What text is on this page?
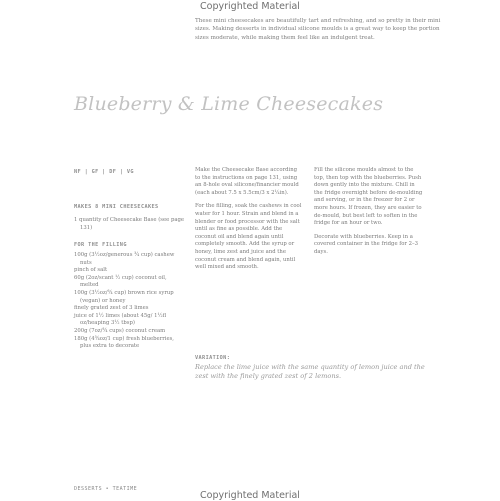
Copyrighted Material

These mini cheesecakes are beautifully tart and refreshing, and so pretty in their mini sizes. Making desserts in individual silicone moulds is a great way to keep the portion sizes moderate, while making them feel like an indulgent treat.

Blueberry & Lime Cheesecakes
NF | GF | DF | VG
MAKES 8 MINI CHEESECAKES
1 quantity of Cheesecake Base (see page 131)
FOR THE FILLING
100g (3½oz/generous ¾ cup) cashew nuts
pinch of salt
60g (2oz/scant ½ cup) coconut oil, melted
100g (3½oz/¾ cup) brown rice syrup (vegan) or honey
finely grated zest of 3 limes
juice of 1½ limes (about 45g/ 1½fl oz/heaping 3½ tbsp)
200g (7oz/¾ cups) coconut cream
180g (4¾oz/1 cup) fresh blueberries, plus extra to decorate

Make the Cheesecake Base according to the instructions on page 131, using an 8-hole oval silicone/financier mould (each about 7.5 x 5.5cm/3 x 2¼in).

For the filling, soak the cashews in cool water for 1 hour. Strain and blend in a blender or food processor with the salt until as fine as possible. Add the coconut oil and blend again until completely smooth. Add the syrup or honey, lime zest and juice and the coconut cream and blend again, until well mixed and smooth.

Fill the silicone moulds almost to the top, then top with the blueberries. Push down gently into the mixture. Chill in the fridge overnight before de-moulding and serving, or in the freezer for 2 or more hours. If frozen, they are easier to de-mould, but best left to soften in the fridge for an hour or two.

Decorate with blueberries. Keep in a covered container in the fridge for 2–3 days.

VARIATION:
Replace the lime juice with the same quantity of lemon juice and the zest with the finely grated zest of 2 lemons.
DESSERTS • TEATIME
Copyrighted Material
